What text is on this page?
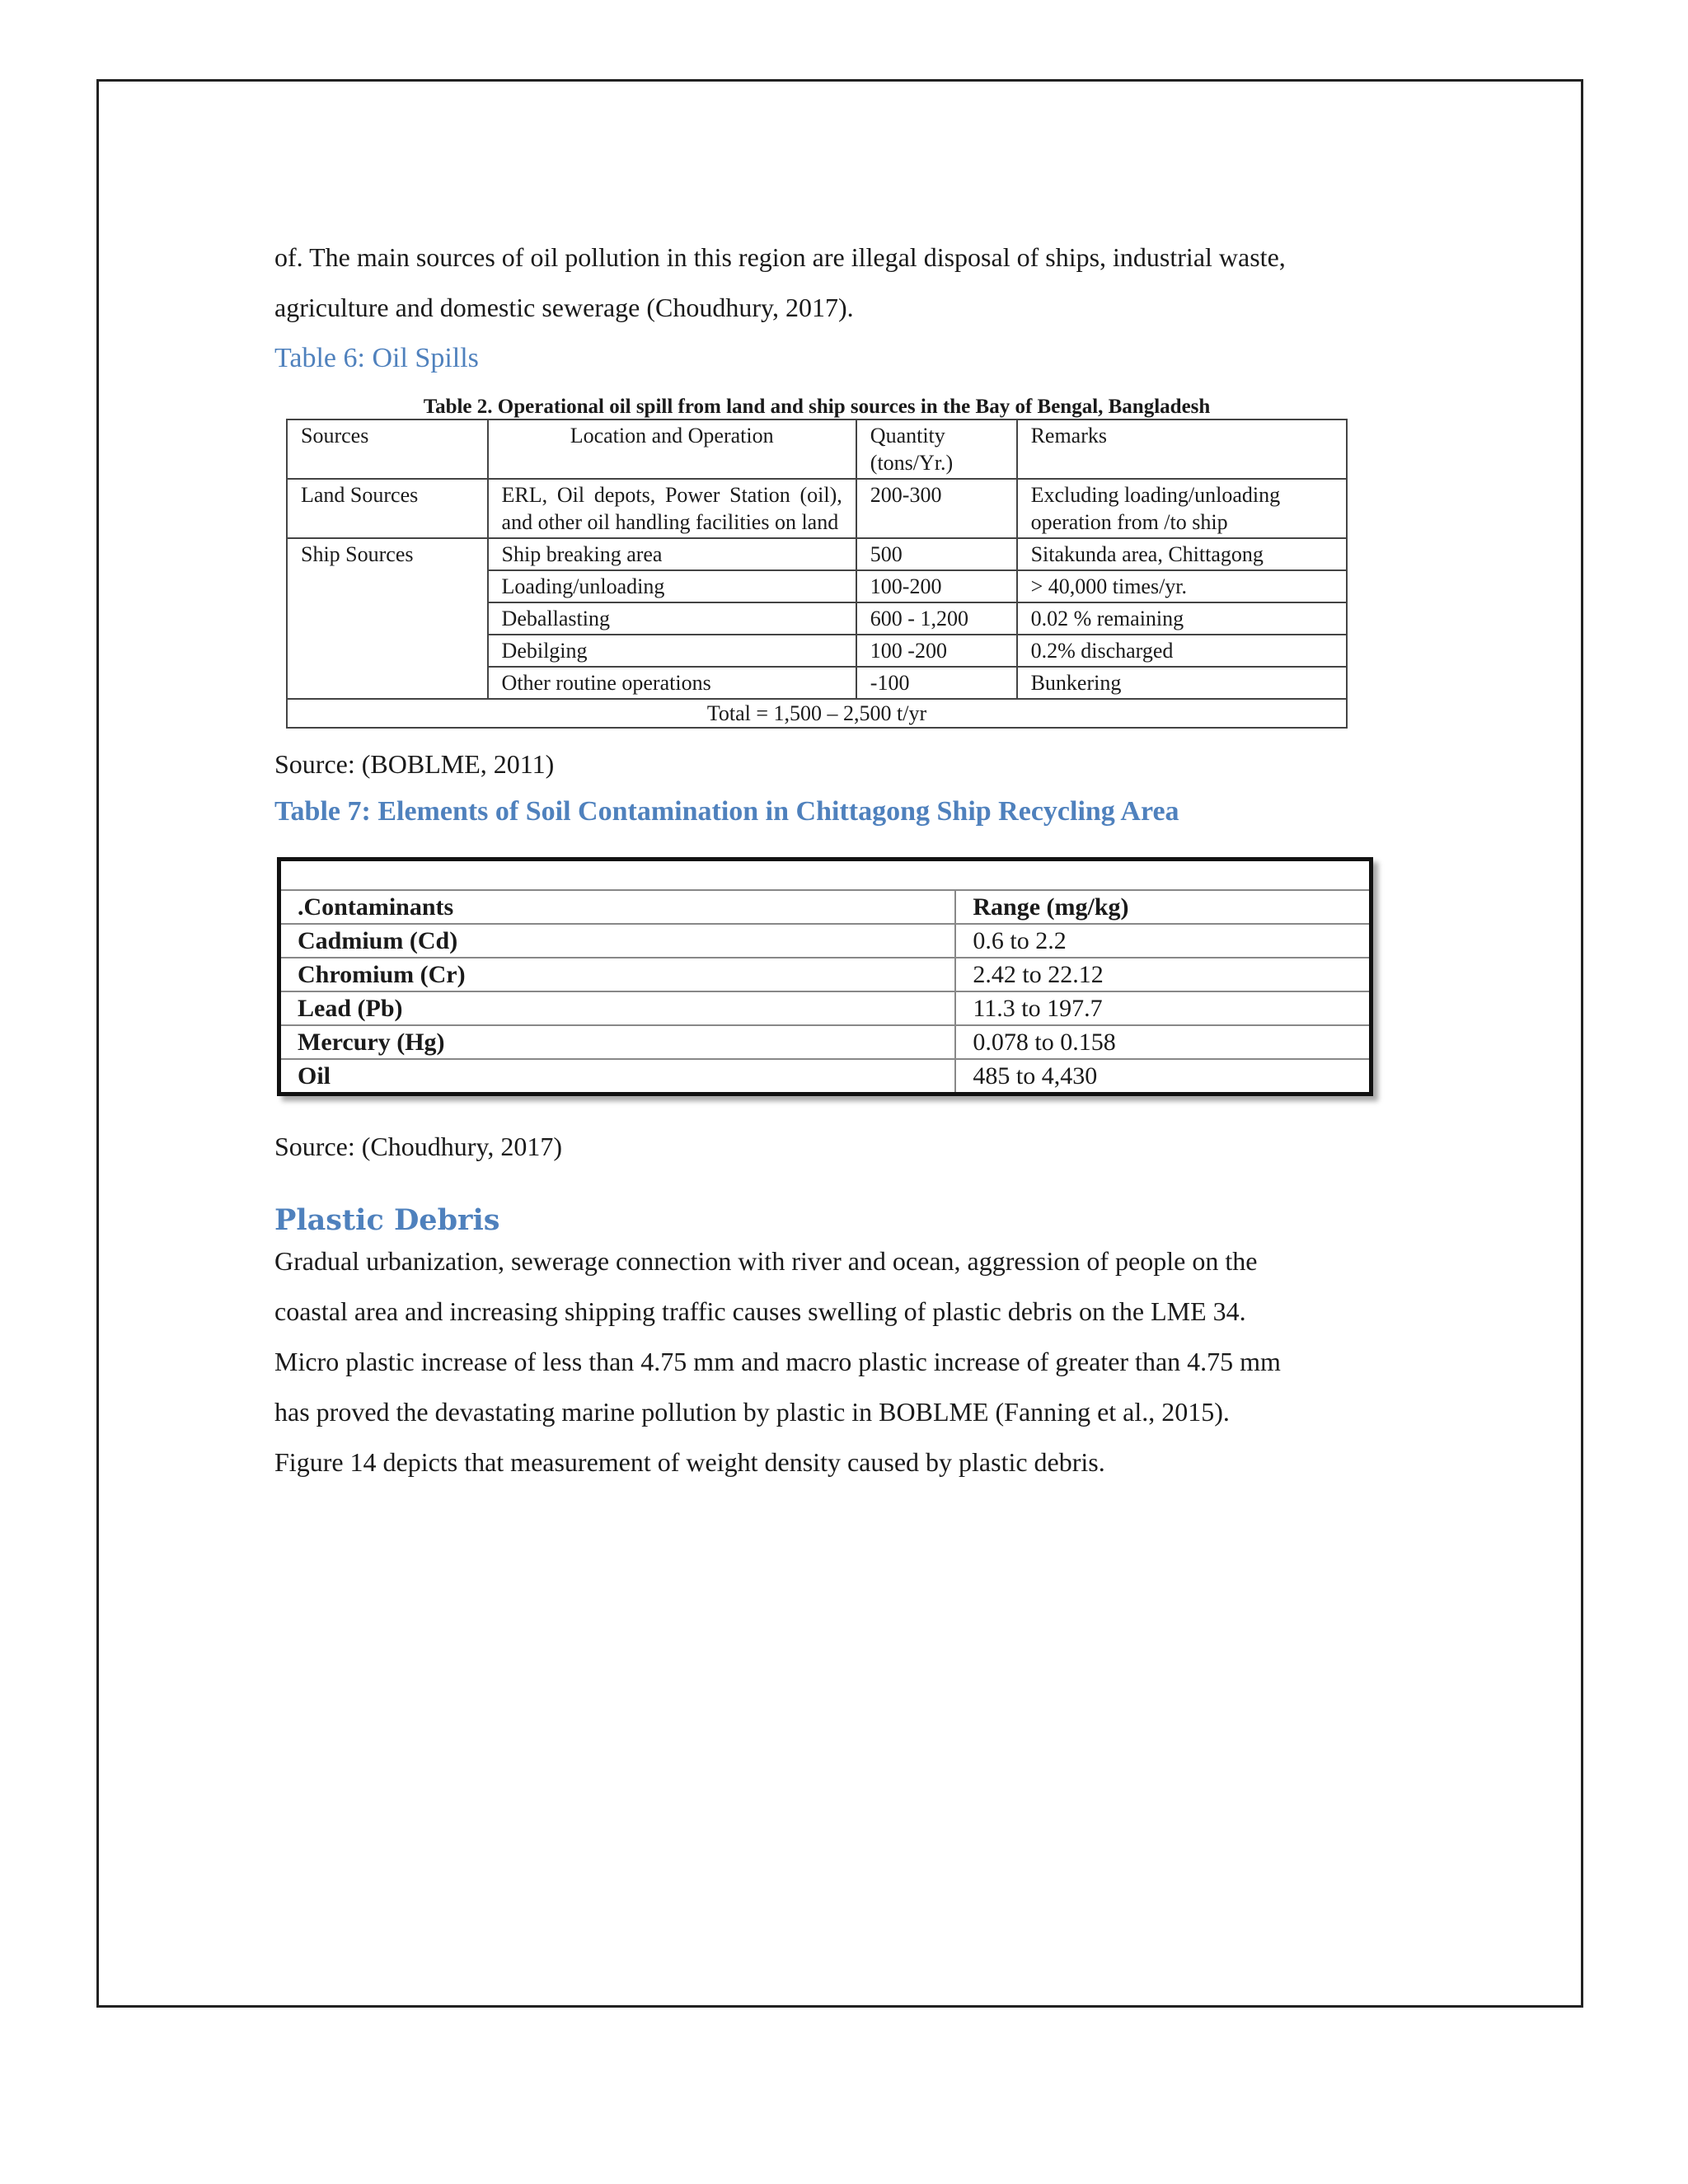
of. The main sources of oil pollution in this region are illegal disposal of ships, industrial waste,

agriculture and domestic sewerage (Choudhury, 2017).

Table 6: Oil Spills

Table 2. Operational oil spill from land and ship sources in the Bay of Bengal, Bangladesh
Sources	Location and Operation	Quantity (tons/Yr.)	Remarks
Land Sources	ERL, Oil depots, Power Station (oil), and other oil handling facilities on land	200-300	Excluding loading/unloading operation from /to ship
Ship Sources	Ship breaking area	500	Sitakunda area, Chittagong
	Loading/unloading	100-200	> 40,000 times/yr.
	Deballasting	600 - 1,200	0.02 % remaining
	Debilging	100 -200	0.2% discharged
	Other routine operations	-100	Bunkering
Total = 1,500 – 2,500 t/yr			

Source: (BOBLME, 2011)

Table 7: Elements of Soil Contamination in Chittagong Ship Recycling Area

.Contaminants	Range (mg/kg)
Cadmium (Cd)	0.6 to 2.2
Chromium (Cr)	2.42 to 22.12
Lead (Pb)	11.3 to 197.7
Mercury (Hg)	0.078 to 0.158
Oil	485 to 4,430

Source: (Choudhury, 2017)

Plastic Debris

Gradual urbanization, sewerage connection with river and ocean, aggression of people on the

coastal area and increasing shipping traffic causes swelling of plastic debris on the LME 34.

Micro plastic increase of less than 4.75 mm and macro plastic increase of greater than 4.75 mm

has proved the devastating marine pollution by plastic in BOBLME (Fanning et al., 2015).

Figure 14 depicts that measurement of weight density caused by plastic debris.
